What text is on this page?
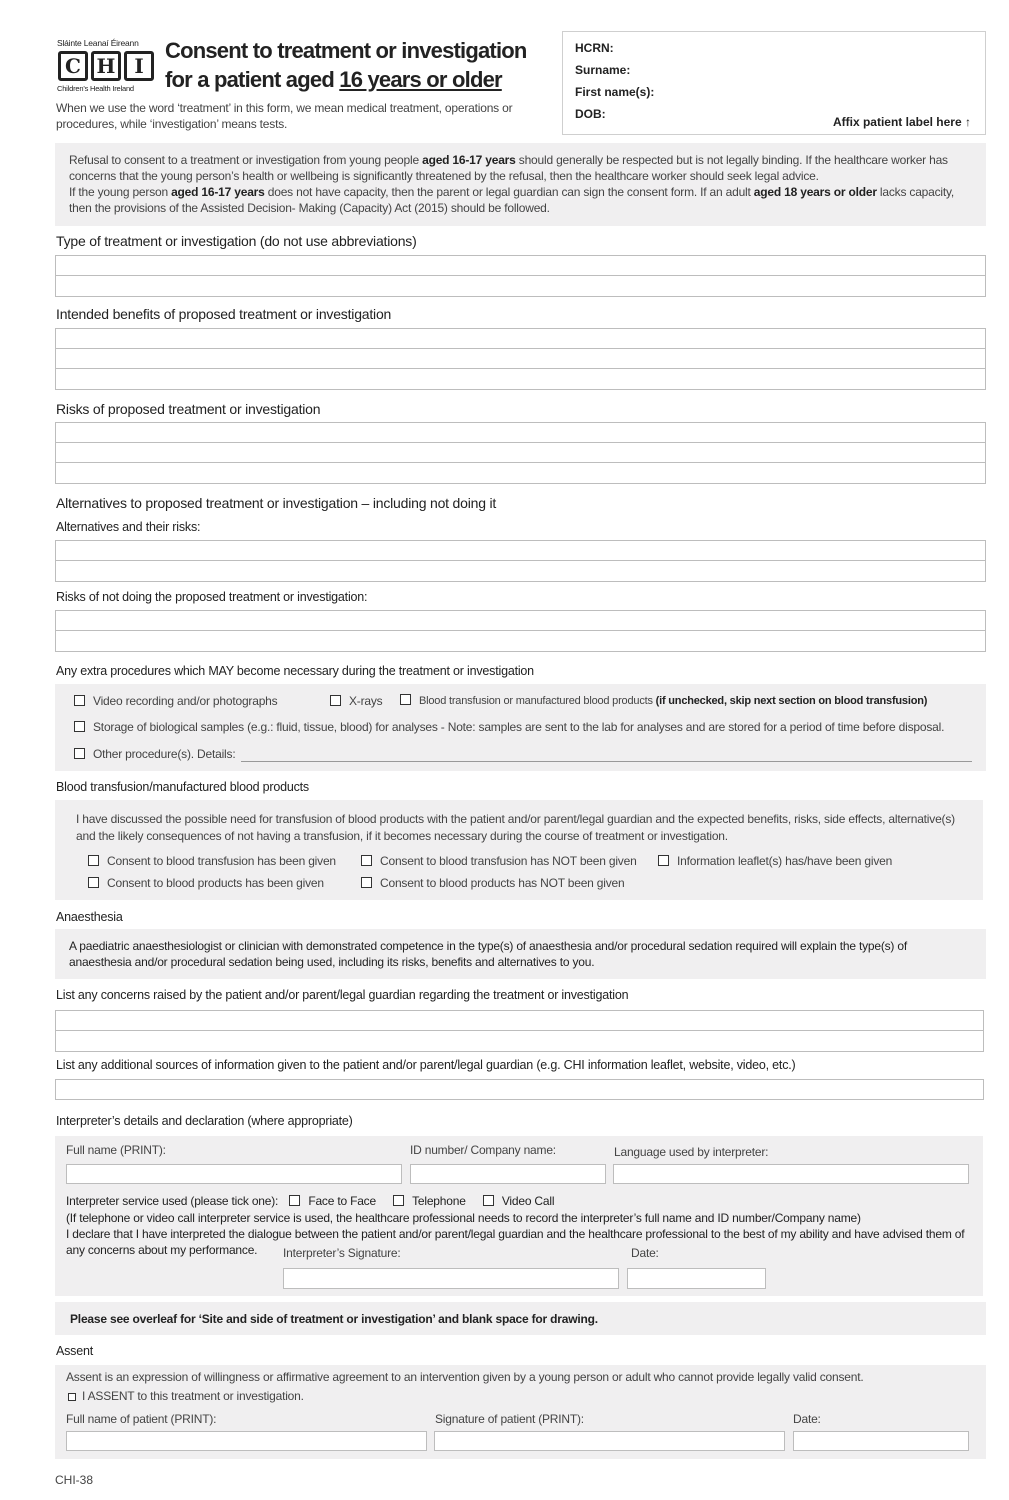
Sláinte Leanaí Éireann
C H I
Children's Health Ireland
Consent to treatment or investigation
for a patient aged 16 years or older
When we use the word ‘treatment’ in this form, we mean medical treatment, operations or procedures, while ‘investigation’ means tests.
HCRN:
Surname:
First name(s):
DOB:
Affix patient label here ↑
Refusal to consent to a treatment or investigation from young people aged 16-17 years should generally be respected but is not legally binding. If the healthcare worker has concerns that the young person’s health or wellbeing is significantly threatened by the refusal, then the healthcare worker should seek legal advice.
If the young person aged 16-17 years does not have capacity, then the parent or legal guardian can sign the consent form. If an adult aged 18 years or older lacks capacity, then the provisions of the Assisted Decision- Making (Capacity) Act (2015) should be followed.
Type of treatment or investigation (do not use abbreviations)
Intended benefits of proposed treatment or investigation
Risks of proposed treatment or investigation
Alternatives to proposed treatment or investigation – including not doing it
Alternatives and their risks:
Risks of not doing the proposed treatment or investigation:
Any extra procedures which MAY become necessary during the treatment or investigation
Video recording and/or photographs	X-rays	Blood transfusion or manufactured blood products (if unchecked, skip next section on blood transfusion)
Storage of biological samples (e.g.: fluid, tissue, blood) for analyses - Note: samples are sent to the lab for analyses and are stored for a period of time before disposal.
Other procedure(s). Details:
Blood transfusion/manufactured blood products
I have discussed the possible need for transfusion of blood products with the patient and/or parent/legal guardian and the expected benefits, risks, side effects, alternative(s) and the likely consequences of not having a transfusion, if it becomes necessary during the course of treatment or investigation.
Consent to blood transfusion has been given	Consent to blood transfusion has NOT been given	Information leaflet(s) has/have been given
Consent to blood products has been given	Consent to blood products has NOT been given
Anaesthesia
A paediatric anaesthesiologist or clinician with demonstrated competence in the type(s) of anaesthesia and/or procedural sedation required will explain the type(s) of anaesthesia and/or procedural sedation being used, including its risks, benefits and alternatives to you.
List any concerns raised by the patient and/or parent/legal guardian regarding the treatment or investigation
List any additional sources of information given to the patient and/or parent/legal guardian (e.g. CHI information leaflet, website, video, etc.)
Interpreter’s details and declaration (where appropriate)
Full name (PRINT):	ID number/ Company name:	Language used by interpreter:
Interpreter service used (please tick one):	Face to Face	Telephone	Video Call
(If telephone or video call interpreter service is used, the healthcare professional needs to record the interpreter’s full name and ID number/Company name)
I declare that I have interpreted the dialogue between the patient and/or parent/legal guardian and the healthcare professional to the best of my ability and have advised them of any concerns about my performance.	Interpreter’s Signature:	Date:
Please see overleaf for ‘Site and side of treatment or investigation’ and blank space for drawing.
Assent
Assent is an expression of willingness or affirmative agreement to an intervention given by a young person or adult who cannot provide legally valid consent.
I ASSENT to this treatment or investigation.
Full name of patient (PRINT):	Signature of patient (PRINT):	Date:
CHI-38
